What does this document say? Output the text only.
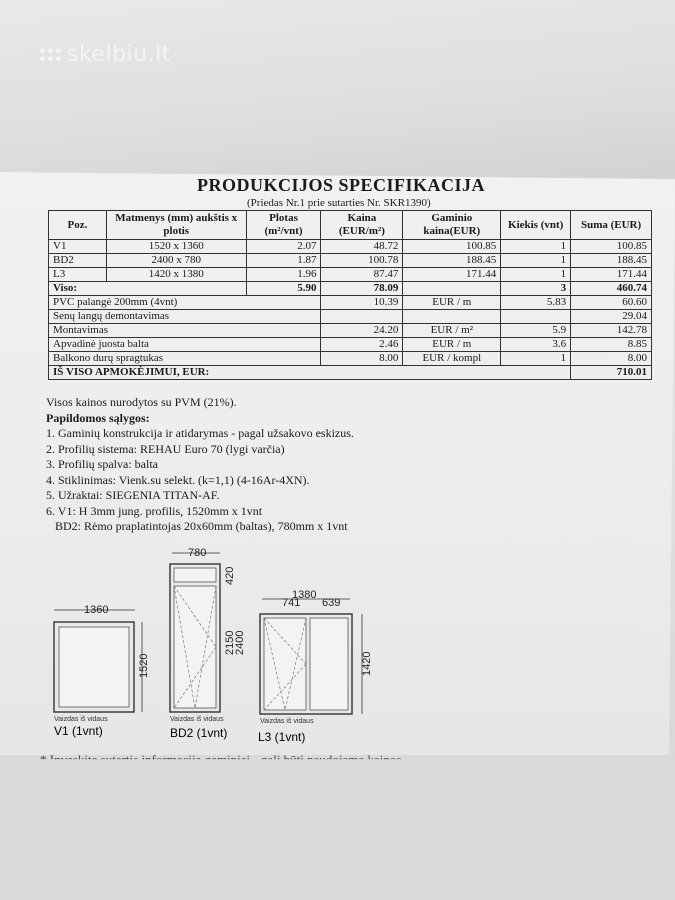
skelbiu.lt
PRODUKCIJOS SPECIFIKACIJA
(Priedas Nr.1 prie sutarties Nr. SKR1390)
Poz.	Matmenys (mm) aukštis x plotis	Plotas (m²/vnt)	Kaina (EUR/m²)	Gaminio kaina(EUR)	Kiekis (vnt)	Suma (EUR)
V1	1520 x 1360	2.07	48.72	100.85	1	100.85
BD2	2400 x 780	1.87	100.78	188.45	1	188.45
L3	1420 x 1380	1.96	87.47	171.44	1	171.44
Viso:		5.90	78.09		3	460.74
PVC palangė 200mm (4vnt)			10.39	EUR / m	5.83	60.60
Senų langų demontavimas						29.04
Montavimas			24.20	EUR / m²	5.9	142.78
Apvadinė juosta balta			2.46	EUR / m	3.6	8.85
Balkono durų spragtukas			8.00	EUR / kompl	1	8.00
IŠ VISO APMOKĖJIMUI, EUR:						710.01
Visos kainos nurodytos su PVM (21%).
Papildomos sąlygos:
1. Gaminių konstrukcija ir atidarymas - pagal užsakovo eskizus.
2. Profilių sistema: REHAU Euro 70 (lygi varčia)
3. Profilių spalva: balta
4. Stiklinimas: Vienk.su selekt. (k=1,1) (4-16Ar-4XN).
5. Užraktai: SIEGENIA TITAN-AF.
6. V1: H 3mm jung. profilis, 1520mm x 1vnt
BD2: Rėmo praplatintojas 20x60mm (baltas), 780mm x 1vnt
1360
1520
Vaizdas iš vidaus
V1 (1vnt)
780
420
2150
2400
Vaizdas iš vidaus
BD2 (1vnt)
1380
741 639
1420
Vaizdas iš vidaus
L3 (1vnt)
